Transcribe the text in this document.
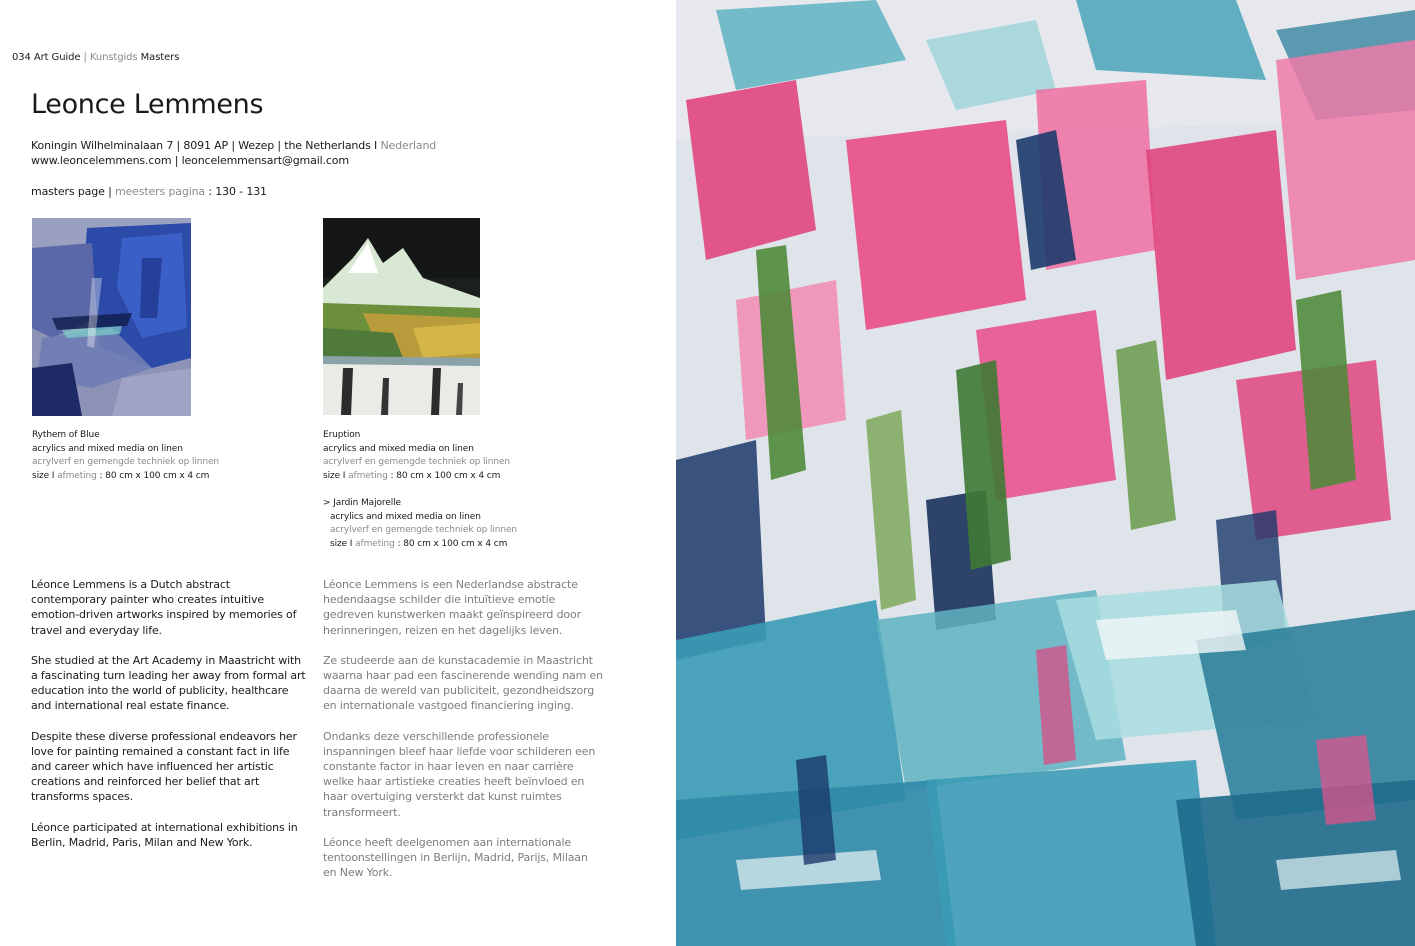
034 Art Guide | Kunstgids Masters
Leonce Lemmens
Koningin Wilhelminalaan 7 | 8091 AP | Wezep | the Netherlands I Nederland
www.leoncelemmens.com | leoncelemmensart@gmail.com
masters page | meesters pagina : 130 - 131
Rythem of Blue
acrylics and mixed media on linen
acrylverf en gemengde techniek op linnen
size I afmeting : 80 cm x 100 cm x 4 cm
Eruption
acrylics and mixed media on linen
acrylverf en gemengde techniek op linnen
size I afmeting : 80 cm x 100 cm x 4 cm
> Jardin Majorelle
acrylics and mixed media on linen
acrylverf en gemengde techniek op linnen
size I afmeting : 80 cm x 100 cm x 4 cm

Léonce Lemmens is a Dutch abstract contemporary painter who creates intuitive emotion-driven artworks inspired by memories of travel and everyday life.

She studied at the Art Academy in Maastricht with a fascinating turn leading her away from formal art education into the world of publicity, healthcare and international real estate finance.

Despite these diverse professional endeavors her love for painting remained a constant fact in life and career which have influenced her artistic creations and reinforced her belief that art transforms spaces.

Léonce participated at international exhibitions in Berlin, Madrid, Paris, Milan and New York.

Léonce Lemmens is een Nederlandse abstracte hedendaagse schilder die intuïtieve emotie gedreven kunstwerken maakt geïnspireerd door herinneringen, reizen en het dagelijks leven.

Ze studeerde aan de kunstacademie in Maastricht waarna haar pad een fascinerende wending nam en daarna de wereld van publiciteit, gezondheidszorg en internationale vastgoed financiering inging.

Ondanks deze verschillende professionele inspanningen bleef haar liefde voor schilderen een constante factor in haar leven en naar carrière welke haar artistieke creaties heeft beïnvloed en haar overtuiging versterkt dat kunst ruimtes transformeert.

Léonce heeft deelgenomen aan internationale tentoonstellingen in Berlijn, Madrid, Parijs, Milaan en New York.
